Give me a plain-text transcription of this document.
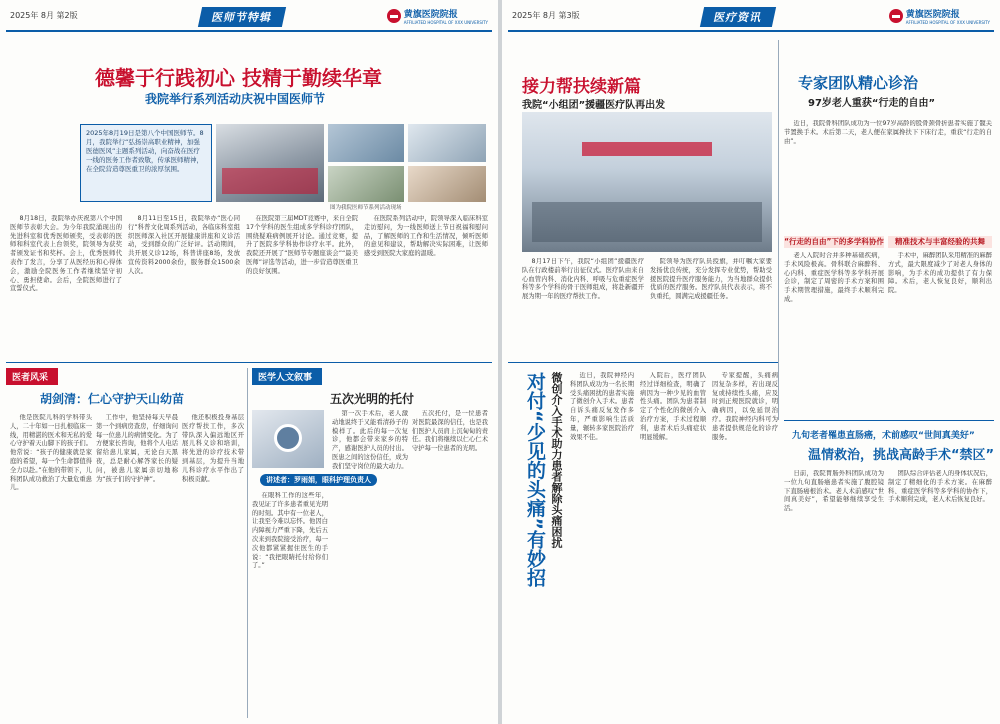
2025年 8月 第2版	医师节特辑	黄旗医院院报
AFFILIATED HOSPITAL OF XXX UNIVERSITY
德馨于行践初心 技精于勤续华章
我院举行系列活动庆祝中国医师节

2025年8月19日是第八个中国医师节。8月，我院举行“弘扬崇高职业精神，加强医德医风”主题系列活动，向奋战在医疗一线的医务工作者致敬，传承医师精神，在全院营造尊医重卫的浓厚氛围。

图为我院医师节系列活动现场

8月18日，我院举办庆祝第八个中国医师节表彰大会。为今年我院涌现出的先进科室和优秀医师颁奖，受表彰的医师和科室代表上台领奖，院领导为获奖者颁发证书和奖杯。会上，优秀医师代表作了发言，分享了从医经历和心得体会，激励全院医务工作者继续坚守初心、勇担使命。会后，全院医师进行了宣誓仪式。

8月11日至15日，我院举办“医心同行”科普文化周系列活动，各临床科室组织医师深入社区开展健康讲座和义诊活动，受到群众的广泛好评。活动期间，共开展义诊12场，科普讲座8场，发放宣传资料2000余份，服务群众1500余人次。

在医院第三届MDT竞赛中，来自全院17个学科的医生组成多学科诊疗团队，围绕疑难病例展开讨论。通过竞赛，提升了医院多学科协作诊疗水平。此外，我院还开展了“医师节专题座谈会”“最美医师”评选等活动，进一步营造尊医重卫的良好氛围。

在医院系列活动中，院领导深入临床科室走访慰问，为一线医师送上节日祝福和慰问品，了解医师的工作和生活情况，倾听医师的意见和建议，帮助解决实际困难，让医师感受到医院大家庭的温暖。

医者风采
胡剑清：仁心守护天山幼苗

他是医院儿科的学科带头人，二十年如一日扎根临床一线，用精湛的医术和无私的爱心守护着天山脚下的孩子们。他常说：“孩子的健康就是家庭的希望，每一个生命都值得全力以赴。”在他的带领下，儿科团队成功救治了大量危重患儿。

工作中，他坚持每天早晨第一个到病房查房，仔细询问每一位患儿的病情变化。为了方便家长咨询，他将个人电话留给患儿家属，无论白天黑夜，总是耐心解答家长的疑问，被患儿家属亲切地称为“孩子们的守护神”。

他还积极投身基层医疗帮扶工作，多次带队深入偏远地区开展儿科义诊和培训，将先进的诊疗技术带到基层，为提升当地儿科诊疗水平作出了积极贡献。

医学人文叙事
五次光明的托付
讲述者：罗雨娟，眼科护理负责人

在眼科工作的这些年，我见证了许多患者重见光明的时刻。其中有一位老人，让我至今难以忘怀。他因白内障视力严重下降，先后五次来到我院接受治疗，每一次他都紧紧握住医生的手说：“我把眼睛托付给你们了。”

第一次手术后，老人激动地说终于又能看清孙子的模样了。此后的每一次复诊，他都会带来家乡的特产，感谢医护人员的付出。医患之间的这份信任，成为我们坚守岗位的最大动力。

五次托付，是一位患者对医院最深的信任，也是我们医护人员肩上沉甸甸的责任。我们将继续以仁心仁术守护每一位患者的光明。

2025年 8月 第3版	医疗资讯	黄旗医院院报
AFFILIATED HOSPITAL OF XXX UNIVERSITY
接力帮扶续新篇
我院“小组团”援疆医疗队再出发

8月17日下午，我院“小组团”援疆医疗队在行政楼前举行出征仪式。医疗队由来自心血管内科、消化内科、呼吸与危重症医学科等多个学科的骨干医师组成，将赴新疆开展为期一年的医疗帮扶工作。

院领导为医疗队员授旗，并叮嘱大家要发扬优良传统，充分发挥专业优势，帮助受援医院提升医疗服务能力，为当地群众提供优质的医疗服务。医疗队员代表表示，将不负重托，圆满完成援疆任务。

专家团队精心诊治
97岁老人重获“行走的自由”

近日，我院骨科团队成功为一位97岁高龄的股骨颈骨折患者实施了髋关节置换手术。术后第二天，老人便在家属搀扶下下床行走，重获“行走的自由”。

“行走的自由”下的多学科协作	精准技术与丰富经验的共舞

老人入院时合并多种基础疾病，手术风险极高。骨科联合麻醉科、心内科、重症医学科等多学科开展会诊，制定了周密的手术方案和围手术期管理措施，最终手术顺利完成。

手术中，麻醉团队采用精准的麻醉方式，最大限度减少了对老人身体的影响，为手术的成功提供了有力保障。术后，老人恢复良好，顺利出院。

对付“少见的头痛”有妙招 微创介入手术助力患者解除头痛困扰	近日，我院神经内科团队成功为一名长期受头痛困扰的患者实施了微创介入手术。患者自诉头痛反复发作多年，严重影响生活质量，辗转多家医院治疗效果不佳。

入院后，医疗团队经过详细检查，明确了病因为一种少见的血管性头痛。团队为患者制定了个性化的微创介入治疗方案，手术过程顺利，患者术后头痛症状明显缓解。

专家提醒，头痛病因复杂多样，若出现反复或持续性头痛，应及时到正规医院就诊，明确病因，以免延误治疗。我院神经内科可为患者提供规范化的诊疗服务。	九旬老者罹患直肠癌，术前感叹“世间真美好”
温情救治，挑战高龄手术“禁区”

日前，我院胃肠外科团队成功为一位九旬直肠癌患者实施了腹腔镜下直肠癌根治术。老人术前感叹“世间真美好”，希望能够继续享受生活。

团队综合评估老人的身体状况后，制定了精细化的手术方案。在麻醉科、重症医学科等多学科的协作下，手术顺利完成，老人术后恢复良好。
